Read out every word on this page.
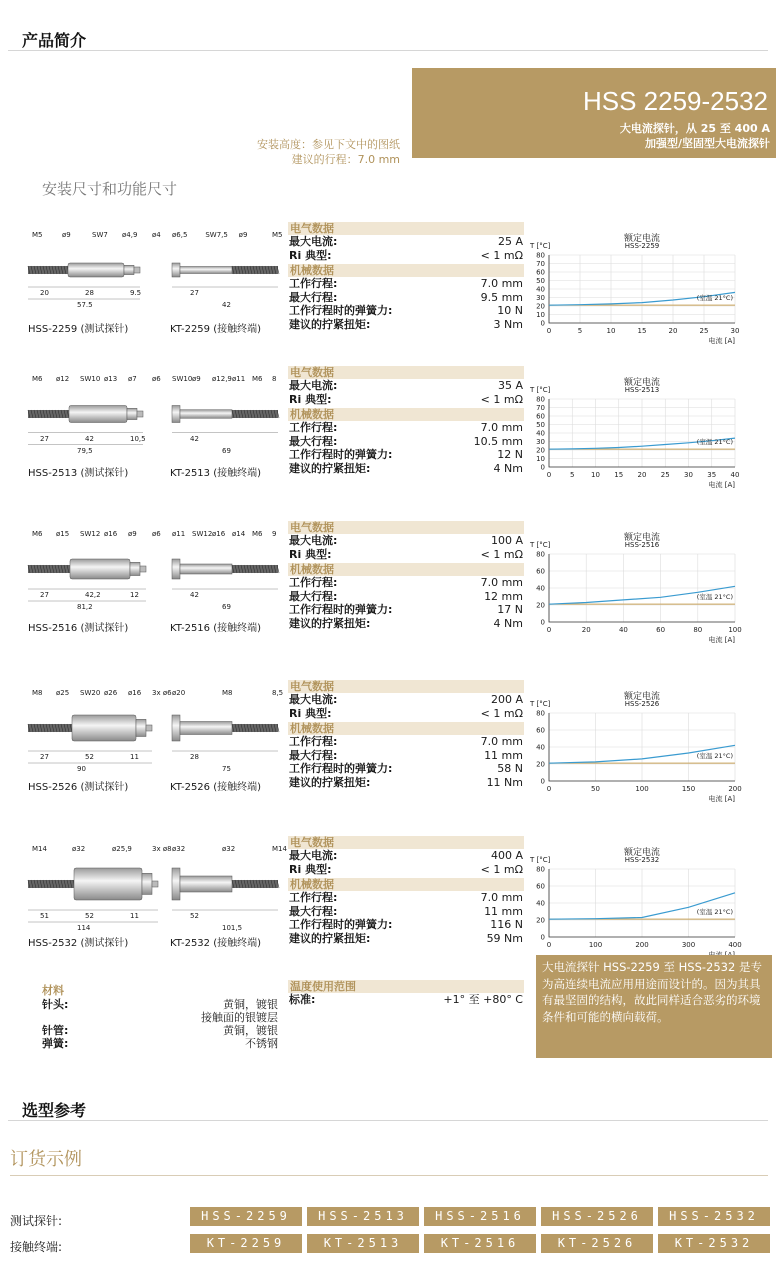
产品简介
HSS 2259-2532
大电流探针，从 25 至 400 A
加强型/坚固型大电流探针
安装高度：参见下文中的图纸
建议的行程：7.0 mm
安装尺寸和功能尺寸
电气数据
最大电流:	25 A
Ri 典型:	< 1 mΩ
机械数据
工作行程:	7.0 mm
最大行程:	9.5 mm
工作行程时的弹簧力:	10 N
建议的拧紧扭矩:	3 Nm
M5	ø9	SW7 ø4,9 ø4
20	28	9.5
57.5
ø6,5	SW7,5 ø9	M5
27
42
HSS-2259 (测试探针)	KT-2259 (接触终端)
额定电流
HSS-2259
T [°C]
0
10
20
30
40
50
60
70
80
0	5	10	15	20	25	30
(室温 21°C)
电流 [A]
电气数据
最大电流:	35 A
Ri 典型:	< 1 mΩ
机械数据
工作行程:	7.0 mm
最大行程:	10.5 mm
工作行程时的弹簧力:	12 N
建议的拧紧扭矩:	4 Nm
M6 ø12 SW10 ø13 ø7 ø6
27	42	10,5
79,5
SW10 ø9 ø12,9 ø11 M6 8
42
69
HSS-2513 (测试探针)	KT-2513 (接触终端)
额定电流
HSS-2513
T [°C]
0
10
20
30
40
50
60
70
80
0	5 10 15 20 25 30 35 40
(室温 21°C)
电流 [A]
电气数据
最大电流:	100 A
Ri 典型:	< 1 mΩ
机械数据
工作行程:	7.0 mm
最大行程:	12 mm
工作行程时的弹簧力:	17 N
建议的拧紧扭矩:	4 Nm
M6 ø15 SW12 ø16 ø9 ø6
27	42,2	12
81,2
ø11 SW12 ø16 ø14 M6 9
42
69
HSS-2516 (测试探针)	KT-2516 (接触终端)
额定电流
HSS-2516
T [°C]
0
20
40
60
80
0	20	40	60	80	100
(室温 21°C)
电流 [A]
电气数据
最大电流:	200 A
Ri 典型:	< 1 mΩ
机械数据
工作行程:	7.0 mm
最大行程:	11 mm
工作行程时的弹簧力:	58 N
建议的拧紧扭矩:	11 Nm
M8 ø25 SW20 ø26 ø16 3x ø6
27	52	11
90
ø20	M8	8,5
28
75
HSS-2526 (测试探针)	KT-2526 (接触终端)
额定电流
HSS-2526
T [°C]
0
20
40
60
80
0	50	100	150	200
(室温 21°C)
电流 [A]
电气数据
最大电流:	400 A
Ri 典型:	< 1 mΩ
机械数据
工作行程:	7.0 mm
最大行程:	11 mm
工作行程时的弹簧力:	116 N
建议的拧紧扭矩:	59 Nm
M14	ø32	ø25,9	3x ø8
51	52	11
114
ø32	ø32	M14
52
101,5
HSS-2532 (测试探针)	KT-2532 (接触终端)
额定电流
HSS-2532
T [°C]
0
20
40
60
80
0	100	200	300	400
(室温 21°C)
材料
针头:	黄铜，镀银
接触面的银镀层
针管:	黄铜，镀银
弹簧:	不锈钢
温度使用范围
标准:	+1° 至 +80° C
大电流探针 HSS-2259 至 HSS-2532 是专为高连续电流应用用途而设计的。因为其具有最坚固的结构，故此同样适合恶劣的环境条件和可能的横向载荷。
选型参考
订货示例
测试探针:
接触终端:
HSS-2259	HSS-2513	HSS-2516	HSS-2526	HSS-2532
KT-2259	KT-2513	KT-2516	KT-2526	KT-2532
